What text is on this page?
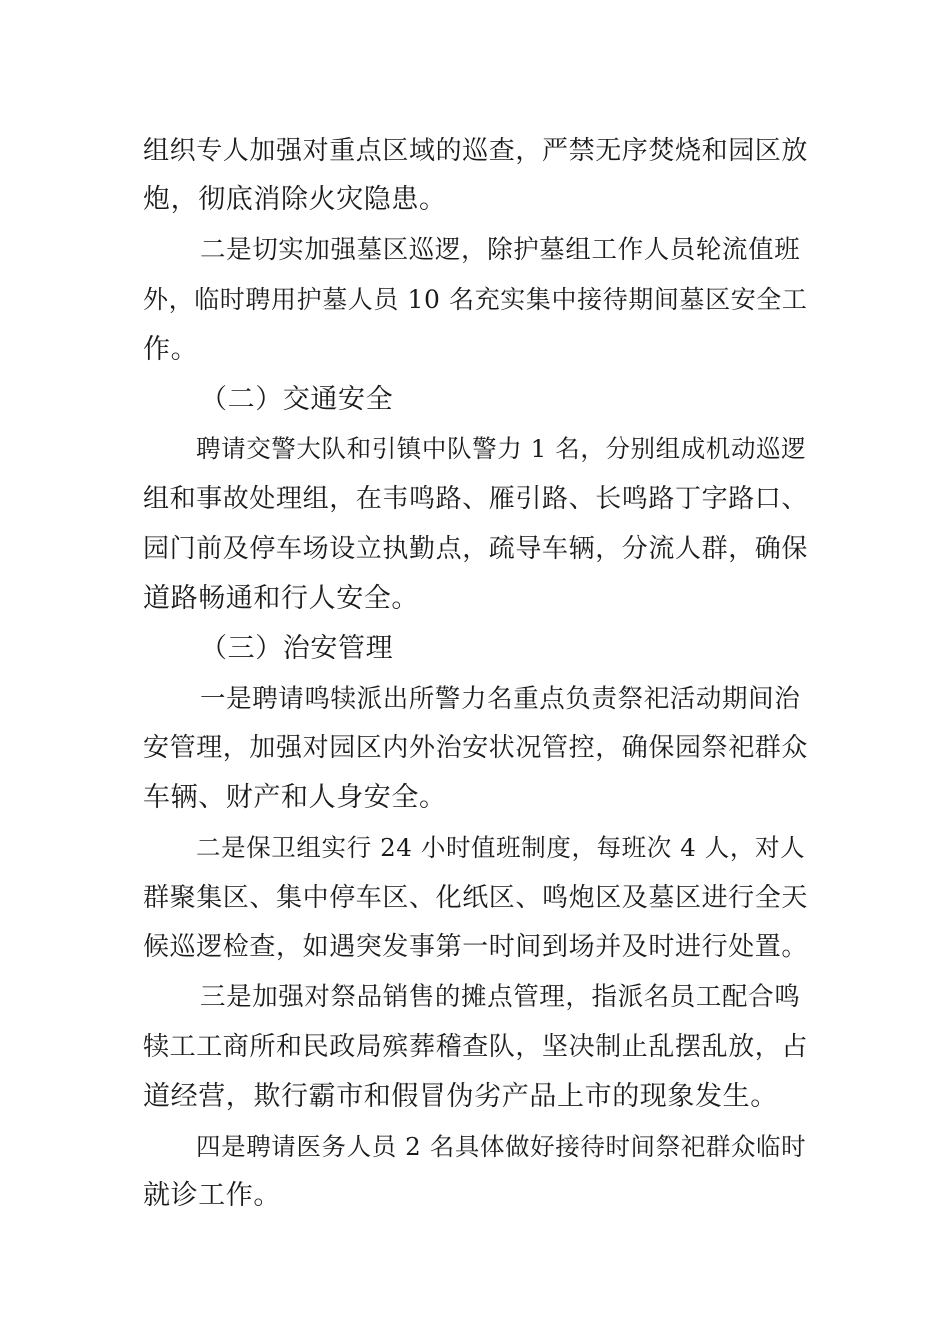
组织专人加强对重点区域的巡查，严禁无序焚烧和园区放
炮，彻底消除火灾隐患。
二是切实加强墓区巡逻，除护墓组工作人员轮流值班
外，临时聘用护墓人员 10 名充实集中接待期间墓区安全工
作。
（二）交通安全
聘请交警大队和引镇中队警力 1 名，分别组成机动巡逻
组和事故处理组，在韦鸣路、雁引路、长鸣路丁字路口、
园门前及停车场设立执勤点，疏导车辆，分流人群，确保
道路畅通和行人安全。
（三）治安管理
一是聘请鸣犊派出所警力名重点负责祭祀活动期间治
安管理，加强对园区内外治安状况管控，确保园祭祀群众
车辆、财产和人身安全。
二是保卫组实行 24 小时值班制度，每班次 4 人，对人
群聚集区、集中停车区、化纸区、鸣炮区及墓区进行全天
候巡逻检查，如遇突发事第一时间到场并及时进行处置。
三是加强对祭品销售的摊点管理，指派名员工配合鸣
犊工工商所和民政局殡葬稽查队，坚决制止乱摆乱放，占
道经营，欺行霸市和假冒伪劣产品上市的现象发生。
四是聘请医务人员 2 名具体做好接待时间祭祀群众临时
就诊工作。
